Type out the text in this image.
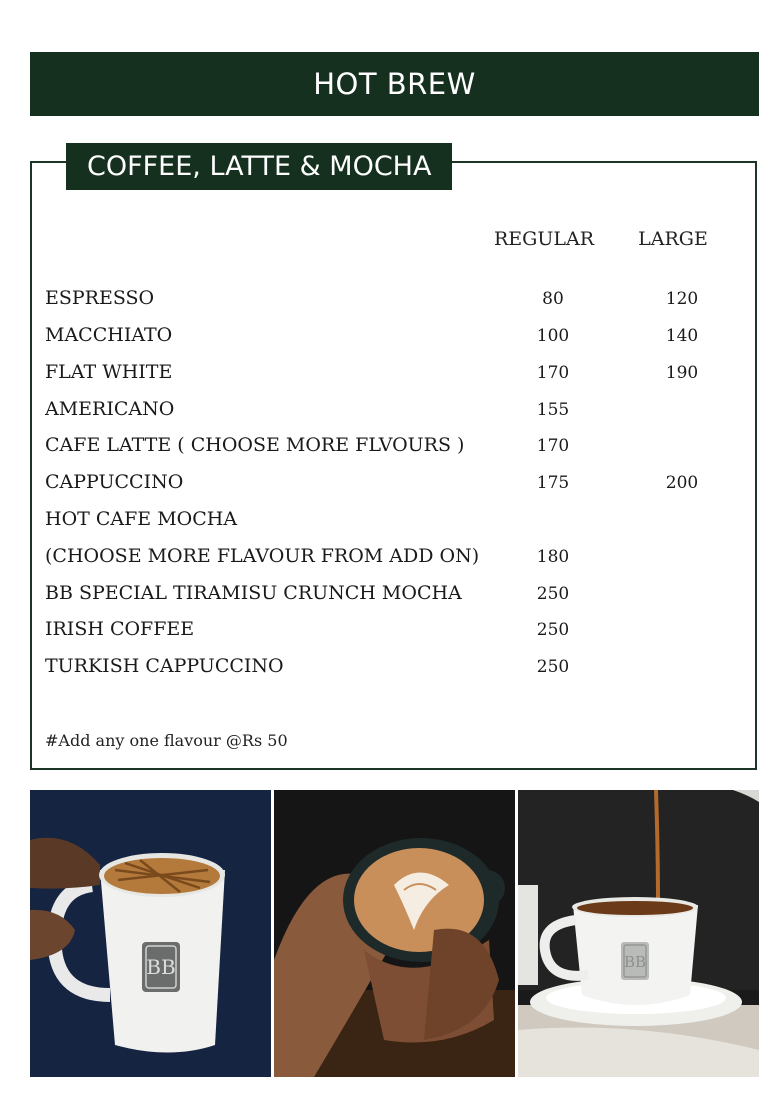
HOT BREW
COFFEE, LATTE & MOCHA
REGULAR	LARGE
ESPRESSO	80	120
MACCHIATO	100	140
FLAT WHITE	170	190
AMERICANO	155
CAFE LATTE ( CHOOSE MORE FLVOURS )	170
CAPPUCCINO	175	200
HOT CAFE MOCHA
(CHOOSE MORE FLAVOUR FROM ADD ON)	180
BB SPECIAL TIRAMISU CRUNCH MOCHA	250
IRISH COFFEE	250
TURKISH CAPPUCCINO	250
#Add any one flavour @Rs 50
BB	BB
